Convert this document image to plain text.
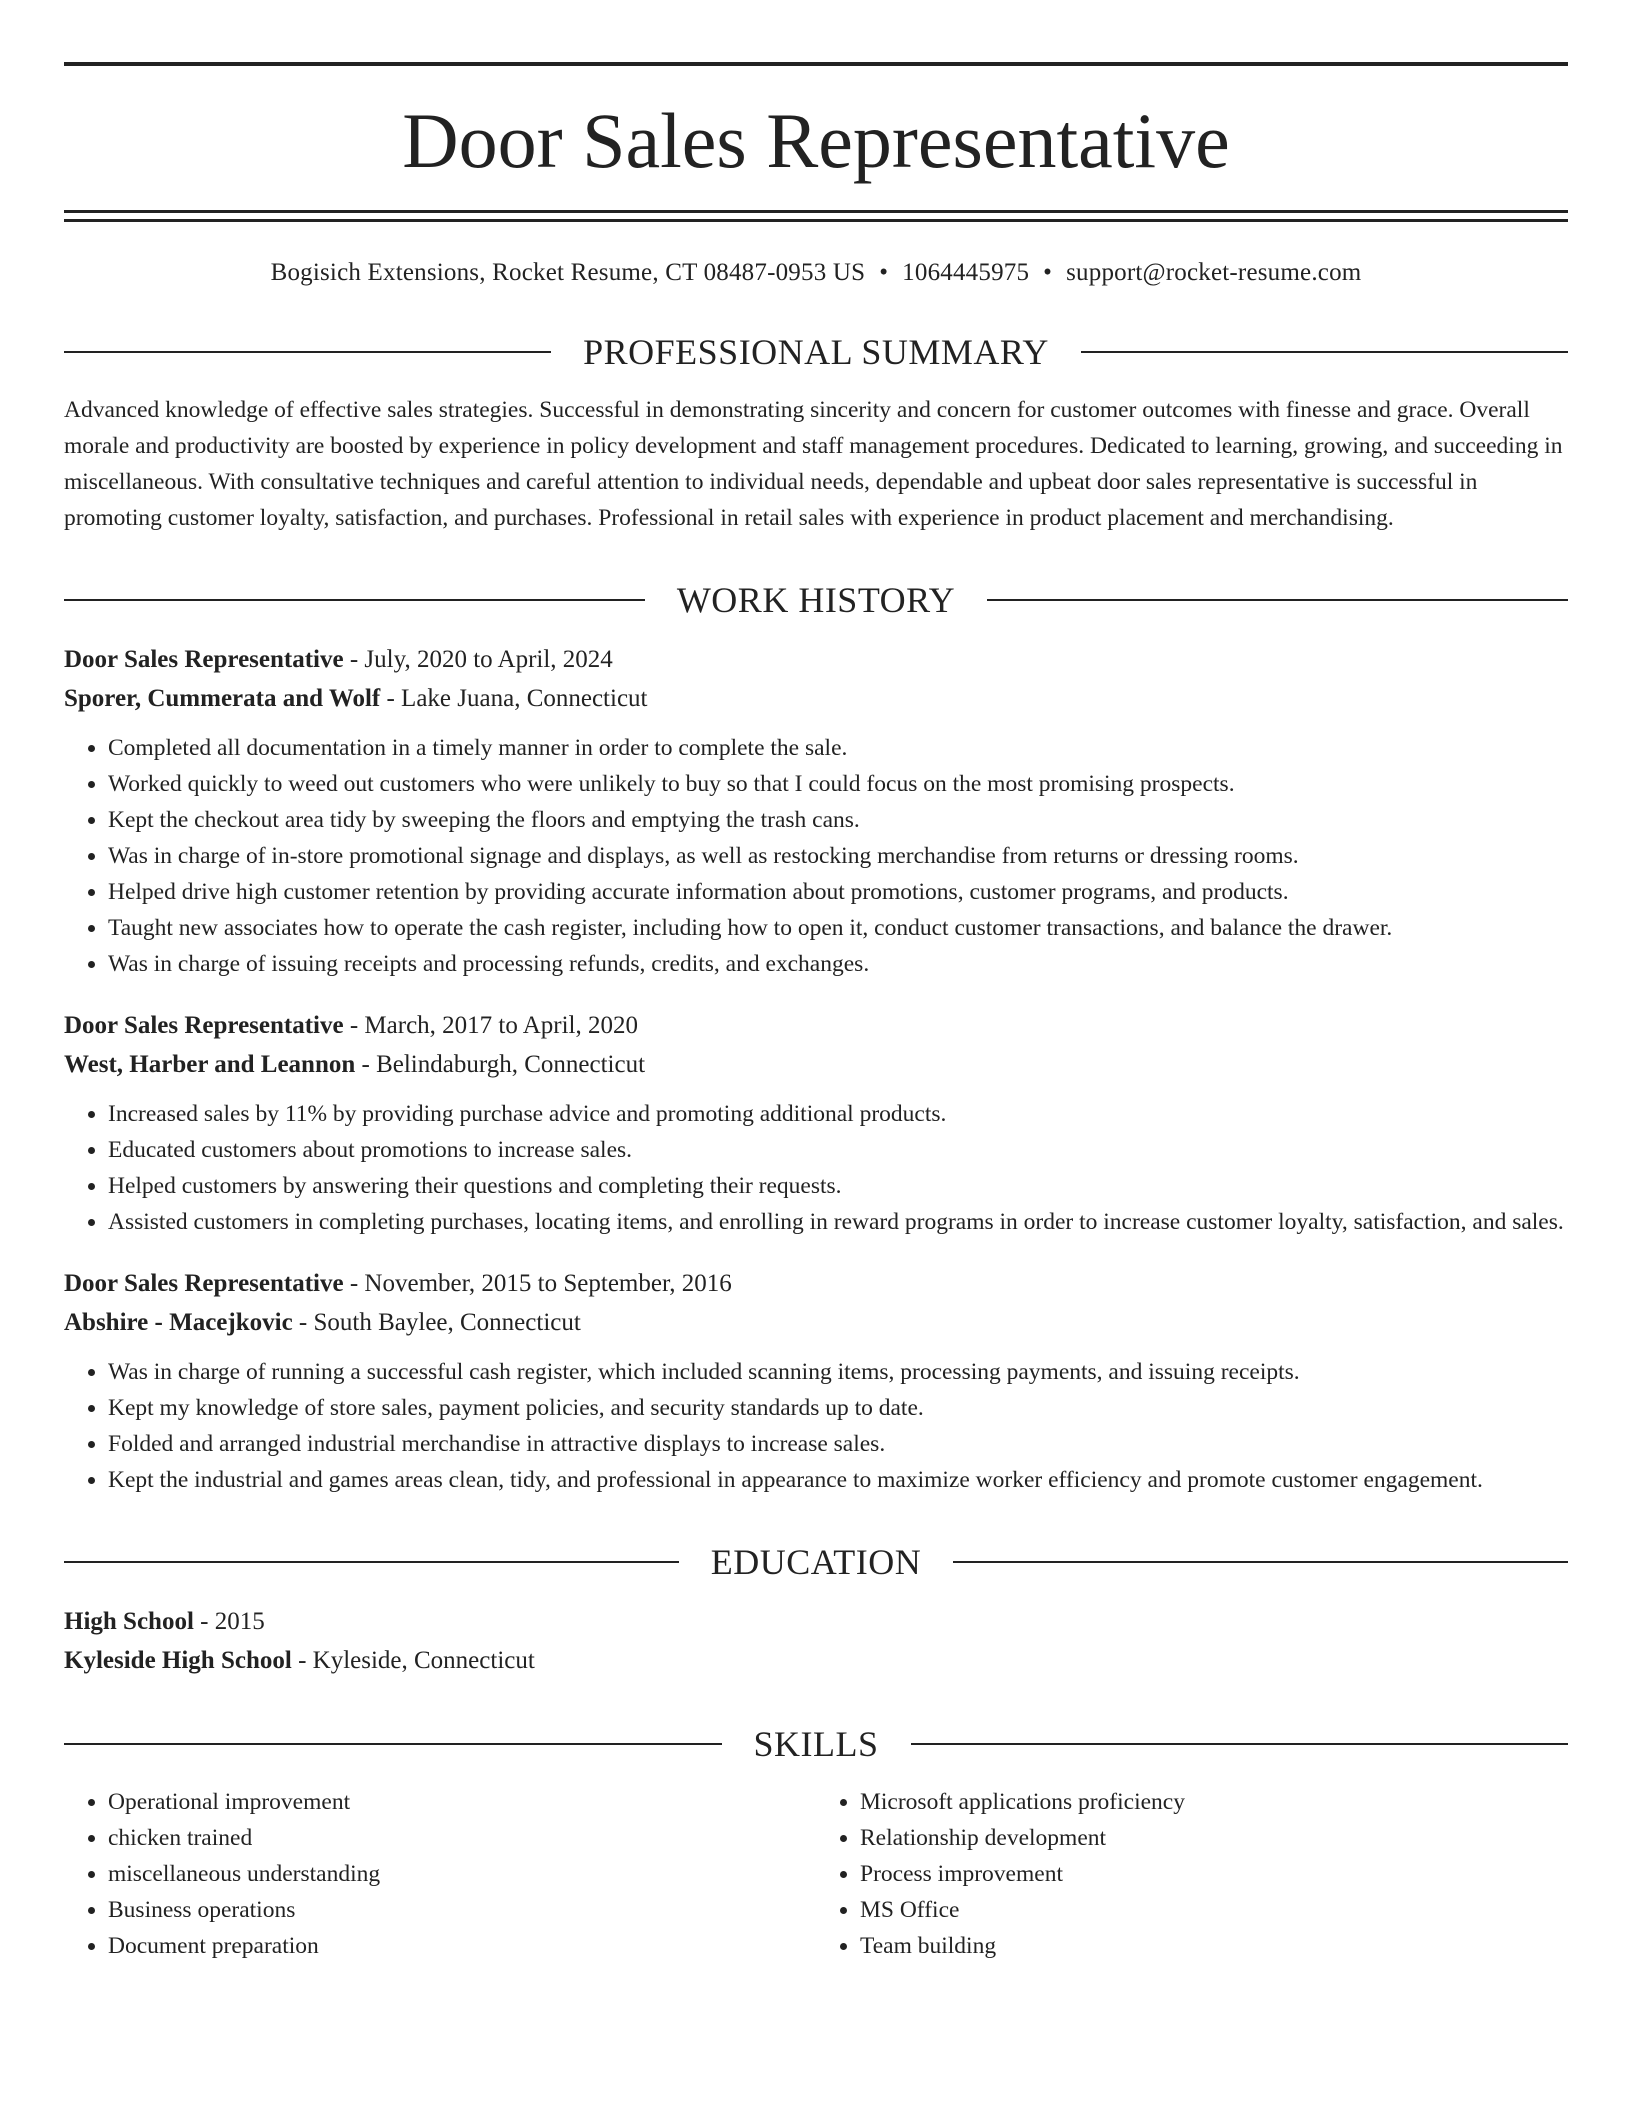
Door Sales Representative
Bogisich Extensions, Rocket Resume, CT 08487-0953 US • 1064445975 • support@rocket-resume.com
PROFESSIONAL SUMMARY

Advanced knowledge of effective sales strategies. Successful in demonstrating sincerity and concern for customer outcomes with finesse and grace. Overall morale and productivity are boosted by experience in policy development and staff management procedures. Dedicated to learning, growing, and succeeding in miscellaneous. With consultative techniques and careful attention to individual needs, dependable and upbeat door sales representative is successful in promoting customer loyalty, satisfaction, and purchases. Professional in retail sales with experience in product placement and merchandising.

WORK HISTORY
Door Sales Representative - July, 2020 to April, 2024
Sporer, Cummerata and Wolf - Lake Juana, Connecticut
• Completed all documentation in a timely manner in order to complete the sale.
• Worked quickly to weed out customers who were unlikely to buy so that I could focus on the most promising prospects.
• Kept the checkout area tidy by sweeping the floors and emptying the trash cans.
• Was in charge of in-store promotional signage and displays, as well as restocking merchandise from returns or dressing rooms.
• Helped drive high customer retention by providing accurate information about promotions, customer programs, and products.
• Taught new associates how to operate the cash register, including how to open it, conduct customer transactions, and balance the drawer.
• Was in charge of issuing receipts and processing refunds, credits, and exchanges.
Door Sales Representative - March, 2017 to April, 2020
West, Harber and Leannon - Belindaburgh, Connecticut
• Increased sales by 11% by providing purchase advice and promoting additional products.
• Educated customers about promotions to increase sales.
• Helped customers by answering their questions and completing their requests.
• Assisted customers in completing purchases, locating items, and enrolling in reward programs in order to increase customer loyalty, satisfaction, and sales.
Door Sales Representative - November, 2015 to September, 2016
Abshire - Macejkovic - South Baylee, Connecticut
• Was in charge of running a successful cash register, which included scanning items, processing payments, and issuing receipts.
• Kept my knowledge of store sales, payment policies, and security standards up to date.
• Folded and arranged industrial merchandise in attractive displays to increase sales.
• Kept the industrial and games areas clean, tidy, and professional in appearance to maximize worker efficiency and promote customer engagement.
EDUCATION
High School - 2015
Kyleside High School - Kyleside, Connecticut
SKILLS
• Operational improvement
• chicken trained
• miscellaneous understanding
• Business operations
• Document preparation
• Microsoft applications proficiency
• Relationship development
• Process improvement
• MS Office
• Team building
